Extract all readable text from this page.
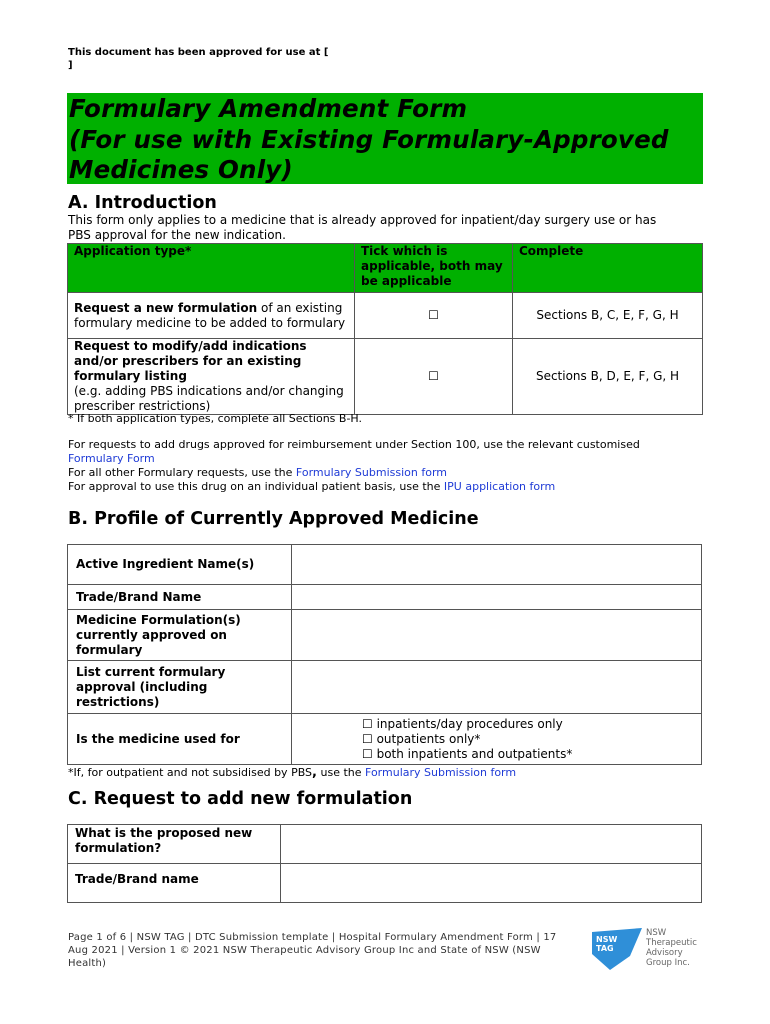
This document has been approved for use at [
]
Formulary Amendment Form
(For use with Existing Formulary-Approved
Medicines Only)
A. Introduction
This form only applies to a medicine that is already approved for inpatient/day surgery use or has
PBS approval for the new indication.
Application type*	Tick which is applicable, both may be applicable	Complete
Request a new formulation of an existing formulary medicine to be added to formulary	☐	Sections B, C, E, F, G, H
Request to modify/add indications and/or prescribers for an existing formulary listing
(e.g. adding PBS indications and/or changing prescriber restrictions)	☐	Sections B, D, E, F, G, H
* If both application types, complete all Sections B-H.
For requests to add drugs approved for reimbursement under Section 100, use the relevant customised
Formulary Form
For all other Formulary requests, use the Formulary Submission form
For approval to use this drug on an individual patient basis, use the IPU application form
B. Profile of Currently Approved Medicine
Active Ingredient Name(s)	
Trade/Brand Name	
Medicine Formulation(s) currently approved on formulary	
List current formulary approval (including restrictions)	
Is the medicine used for	☐ inpatients/day procedures only
☐ outpatients only*
☐ both inpatients and outpatients*
*If, for outpatient and not subsidised by PBS, use the Formulary Submission form
C. Request to add new formulation
What is the proposed new formulation?	
Trade/Brand name	
Page 1 of 6 | NSW TAG | DTC Submission template | Hospital Formulary Amendment Form | 17 Aug 2021 | Version 1 © 2021 NSW Therapeutic Advisory Group Inc and State of NSW (NSW Health)
NSW
TAG
NSW
Therapeutic
Advisory
Group Inc.
